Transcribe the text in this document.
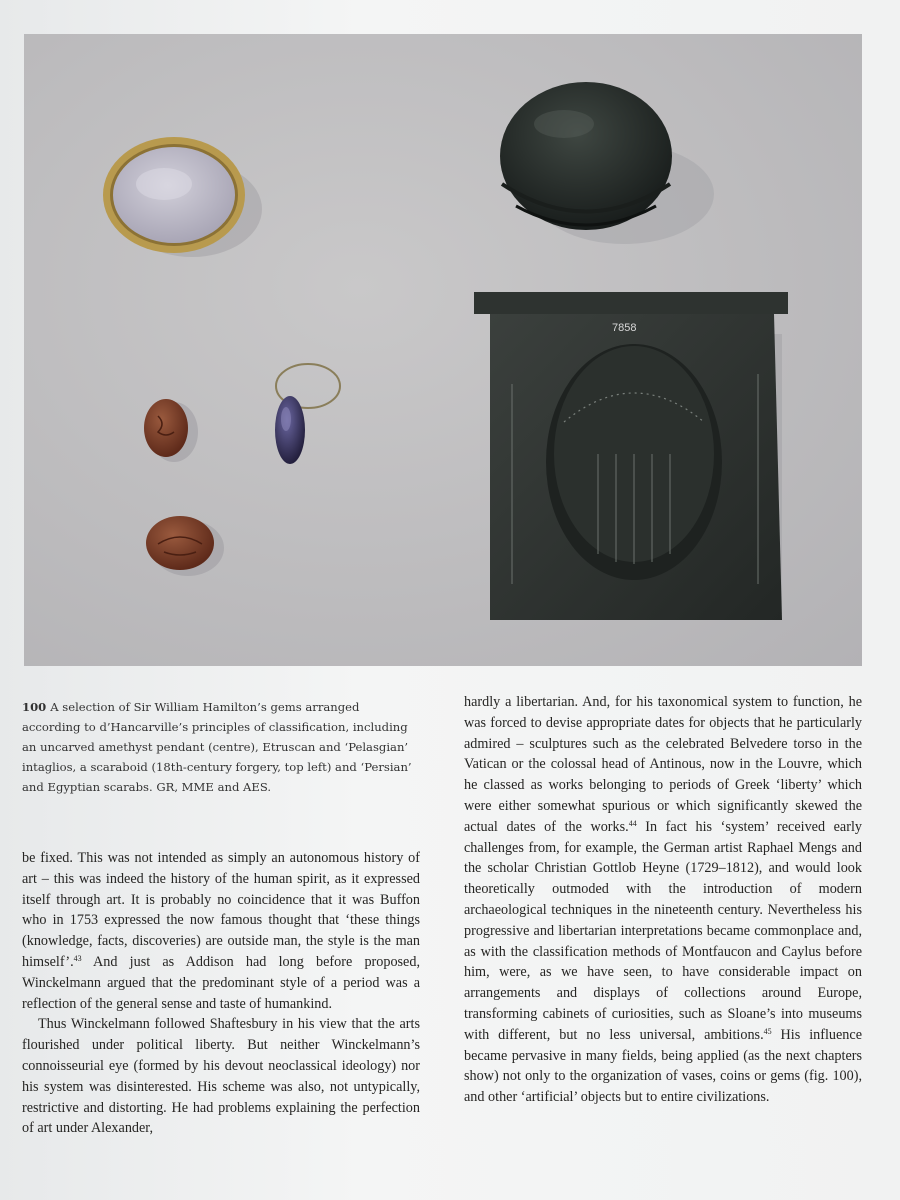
7858
100 A selection of Sir William Hamilton’s gems arranged according to d’Hancarville’s principles of classification, including an uncarved amethyst pendant (centre), Etruscan and ‘Pelasgian’ intaglios, a scaraboid (18th-century forgery, top left) and ‘Persian’ and Egyptian scarabs. GR, MME and AES.

be fixed. This was not intended as simply an autonomous history of art – this was indeed the history of the human spirit, as it expressed itself through art. It is probably no coincidence that it was Buffon who in 1753 expressed the now famous thought that ‘these things (knowledge, facts, discoveries) are outside man, the style is the man himself’.$^{43}$ And just as Addison had long before proposed, Winckelmann argued that the predominant style of a period was a reflection of the general sense and taste of humankind.

Thus Winckelmann followed Shaftesbury in his view that the arts flourished under political liberty. But neither Winckelmann’s connoisseurial eye (formed by his devout neoclassical ideology) nor his system was disinterested. His scheme was also, not untypically, restrictive and distorting. He had problems explaining the perfection of art under Alexander,

hardly a libertarian. And, for his taxonomical system to function, he was forced to devise appropriate dates for objects that he particularly admired – sculptures such as the celebrated Belvedere torso in the Vatican or the colossal head of Antinous, now in the Louvre, which he classed as works belonging to periods of Greek ‘liberty’ which were either somewhat spurious or which significantly skewed the actual dates of the works.$^{44}$ In fact his ‘system’ received early challenges from, for example, the German artist Raphael Mengs and the scholar Christian Gottlob Heyne (1729–1812), and would look theoretically outmoded with the introduction of modern archaeological techniques in the nineteenth century. Nevertheless his progressive and libertarian interpretations became commonplace and, as with the classification methods of Montfaucon and Caylus before him, were, as we have seen, to have considerable impact on arrangements and displays of collections around Europe, transforming cabinets of curiosities, such as Sloane’s into museums with different, but no less universal, ambitions.$^{45}$ His influence became pervasive in many fields, being applied (as the next chapters show) not only to the organization of vases, coins or gems (fig. 100), and other ‘artificial’ objects but to entire civilizations.
